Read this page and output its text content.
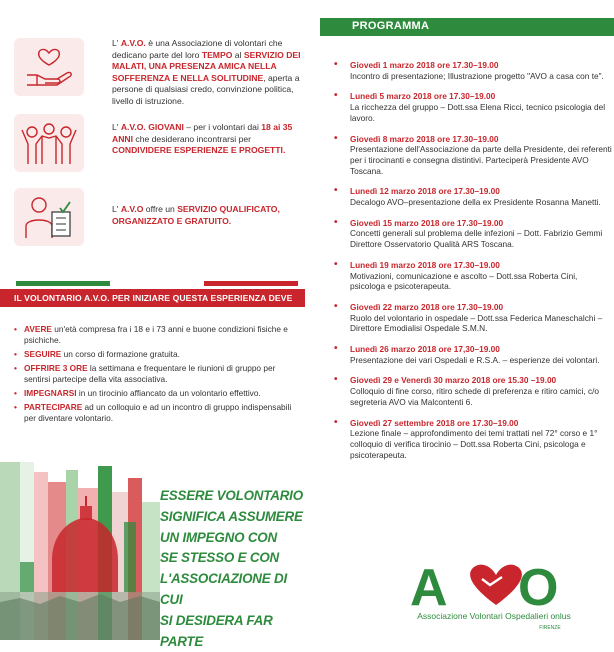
L' A.V.O. è una Associazione di volontari che dedicano parte del loro TEMPO al SERVIZIO DEI MALATI, UNA PRESENZA AMICA NELLA SOFFERENZA E NELLA SOLITUDINE, aperta a persone di qualsiasi credo, convinzione politica, livello di istruzione.
L' A.V.O. GIOVANI – per i volontari dai 18 ai 35 ANNI che desiderano incontrarsi per CONDIVIDERE ESPERIENZE E PROGETTI.
L' A.V.O offre un SERVIZIO QUALIFICATO, ORGANIZZATO E GRATUITO.
IL VOLONTARIO A.V.O. PER INIZIARE QUESTA ESPERIENZA DEVE
• AVERE un'età compresa fra i 18 e i 73 anni e buone condizioni fisiche e psichiche.
• SEGUIRE un corso di formazione gratuita.
• OFFRIRE 3 ORE la settimana e frequentare le riunioni di gruppo per sentirsi partecipe della vita associativa.
• IMPEGNARSI in un tirocinio affiancato da un volontario effettivo.
• PARTECIPARE ad un colloquio e ad un incontro di gruppo indispensabili per diventare volontario.
ESSERE VOLONTARIO
SIGNIFICA ASSUMERE
UN IMPEGNO CON
SE STESSO E CON
L'ASSOCIAZIONE DI CUI
SI DESIDERA FAR PARTE
PROGRAMMA
• Giovedì 1 marzo 2018 ore 17.30–19.00
Incontro di presentazione; Illustrazione progetto "AVO a casa con te".
• Lunedì 5 marzo 2018 ore 17.30–19.00
La ricchezza del gruppo – Dott.ssa Elena Ricci, tecnico psicologia del lavoro.
• Giovedì 8 marzo 2018 ore 17.30–19.00
Presentazione dell'Associazione da parte della Presidente, dei referenti per i tirocinanti e consegna distintivi. Parteciperà Presidente AVO Toscana.
• Lunedì 12 marzo 2018 ore 17.30–19.00
Decalogo AVO–presentazione della ex Presidente Rosanna Manetti.
• Giovedì 15 marzo 2018 ore 17.30–19.00
Concetti generali sul problema delle infezioni – Dott. Fabrizio Gemmi Direttore Osservatorio Qualità ARS Toscana.
• Lunedì 19 marzo 2018 ore 17.30–19.00
Motivazioni, comunicazione e ascolto – Dott.ssa Roberta Cini, psicologa e psicoterapeuta.
• Giovedì 22 marzo 2018 ore 17.30–19.00
Ruolo del volontario in ospedale – Dott.ssa Federica Maneschalchi – Direttore Emodialisi Ospedale S.M.N.
• Lunedì 26 marzo 2018 ore 17,30–19.00
Presentazione dei vari Ospedali e R.S.A. – esperienze dei volontari.
• Giovedì 29 e Venerdì 30 marzo 2018 ore 15.30 –19.00
Colloquio di fine corso, ritiro schede di preferenza e ritiro camici, c/o segreteria AVO via Malcontenti 6.
• Giovedì 27 settembre 2018 ore 17.30–19.00
Lezione finale – approfondimento dei temi trattati nel 72° corso e 1° colloquio di verifica tirocinio – Dott.ssa Roberta Cini, psicologa e psicoterapeuta.
A O
Associazione Volontari Ospedalieri onlus
FIRENZE
